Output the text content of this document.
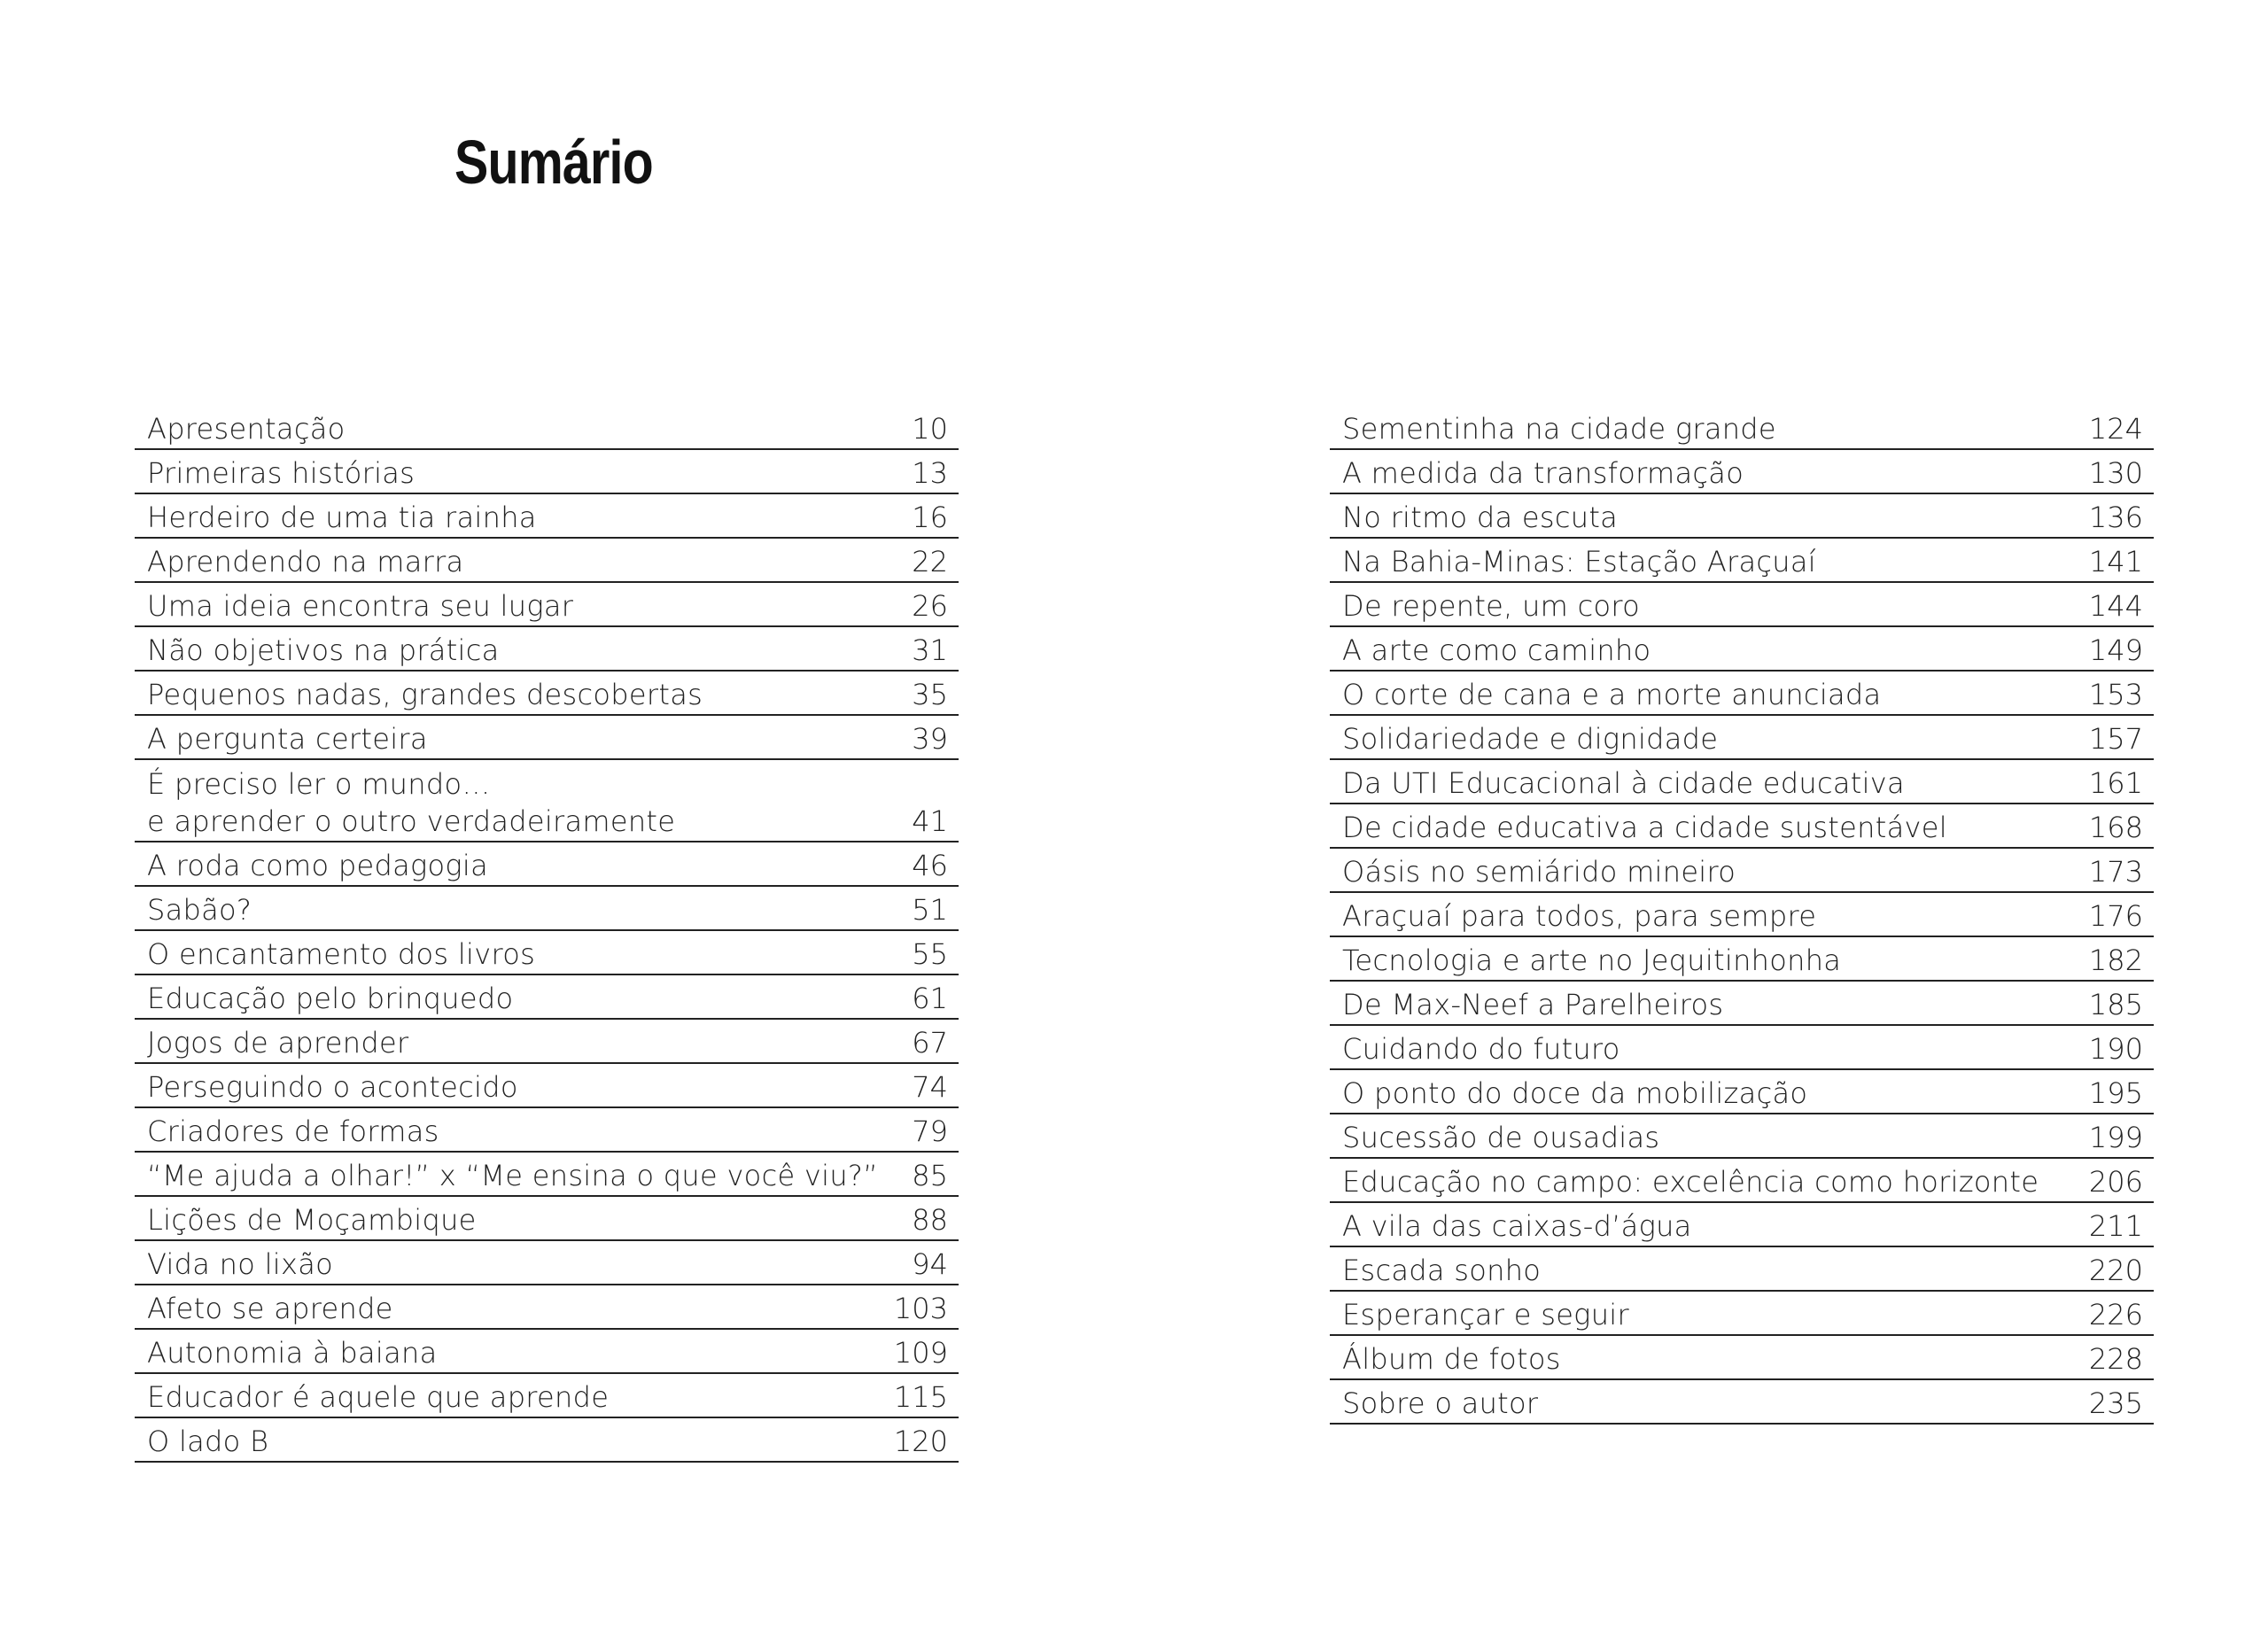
Sumário
Apresentação	10
Primeiras histórias	13
Herdeiro de uma tia rainha	16
Aprendendo na marra	22
Uma ideia encontra seu lugar	26
Não objetivos na prática	31
Pequenos nadas, grandes descobertas	35
A pergunta certeira	39
É preciso ler o mundo…
e aprender o outro verdadeiramente	41
A roda como pedagogia	46
Sabão?	51
O encantamento dos livros	55
Educação pelo brinquedo	61
Jogos de aprender	67
Perseguindo o acontecido	74
Criadores de formas	79
“Me ajuda a olhar!” x “Me ensina o que você viu?” 85
Lições de Moçambique	88
Vida no lixão	94
Afeto se aprende	103
Autonomia à baiana	109
Educador é aquele que aprende	115
O lado B	120
Sementinha na cidade grande	124
A medida da transformação	130
No ritmo da escuta	136
Na Bahia-Minas: Estação Araçuaí	141
De repente, um coro	144
A arte como caminho	149
O corte de cana e a morte anunciada	153
Solidariedade e dignidade	157
Da UTI Educacional à cidade educativa	161
De cidade educativa a cidade sustentável	168
Oásis no semiárido mineiro	173
Araçuaí para todos, para sempre	176
Tecnologia e arte no Jequitinhonha	182
De Max-Neef a Parelheiros	185
Cuidando do futuro	190
O ponto do doce da mobilização	195
Sucessão de ousadias	199
Educação no campo: excelência como horizonte 206
A vila das caixas-d’água	211
Escada sonho	220
Esperançar e seguir	226
Álbum de fotos	228
Sobre o autor	235
